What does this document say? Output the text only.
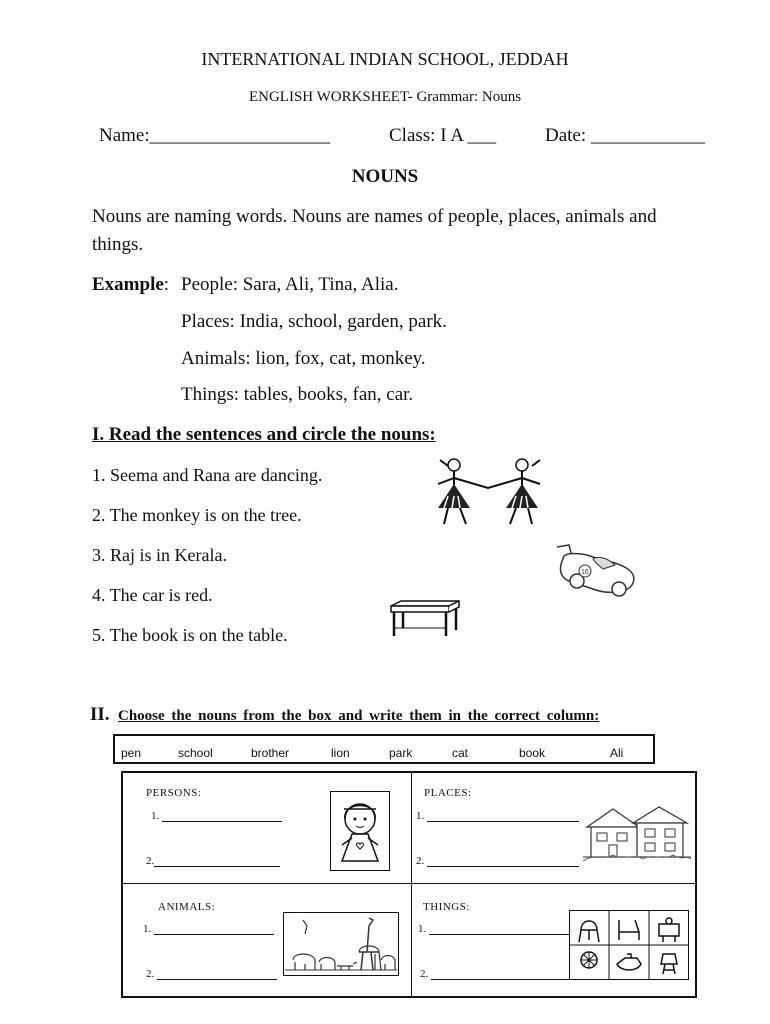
INTERNATIONAL INDIAN SCHOOL, JEDDAH
ENGLISH WORKSHEET- Grammar: Nouns
Name:___________________	Class: I A ___	Date: ____________
NOUNS
Nouns are naming words. Nouns are names of people, places, animals and things.
Example: People: Sara, Ali, Tina, Alia.
Places: India, school, garden, park.
Animals: lion, fox, cat, monkey.
Things: tables, books, fan, car.
I. Read the sentences and circle the nouns:
1. Seema and Rana are dancing.
2. The monkey is on the tree.
3. Raj is in Kerala.
4. The car is red.
5. The book is on the table.
16
II. Choose the nouns from the box and write them in the correct column:
pen	school	brother	lion	park	cat	book	Ali
PERSONS:
1.
2.
PLACES:
1.
2.
ANIMALS:
1.
2.
THINGS:
1.
2.
